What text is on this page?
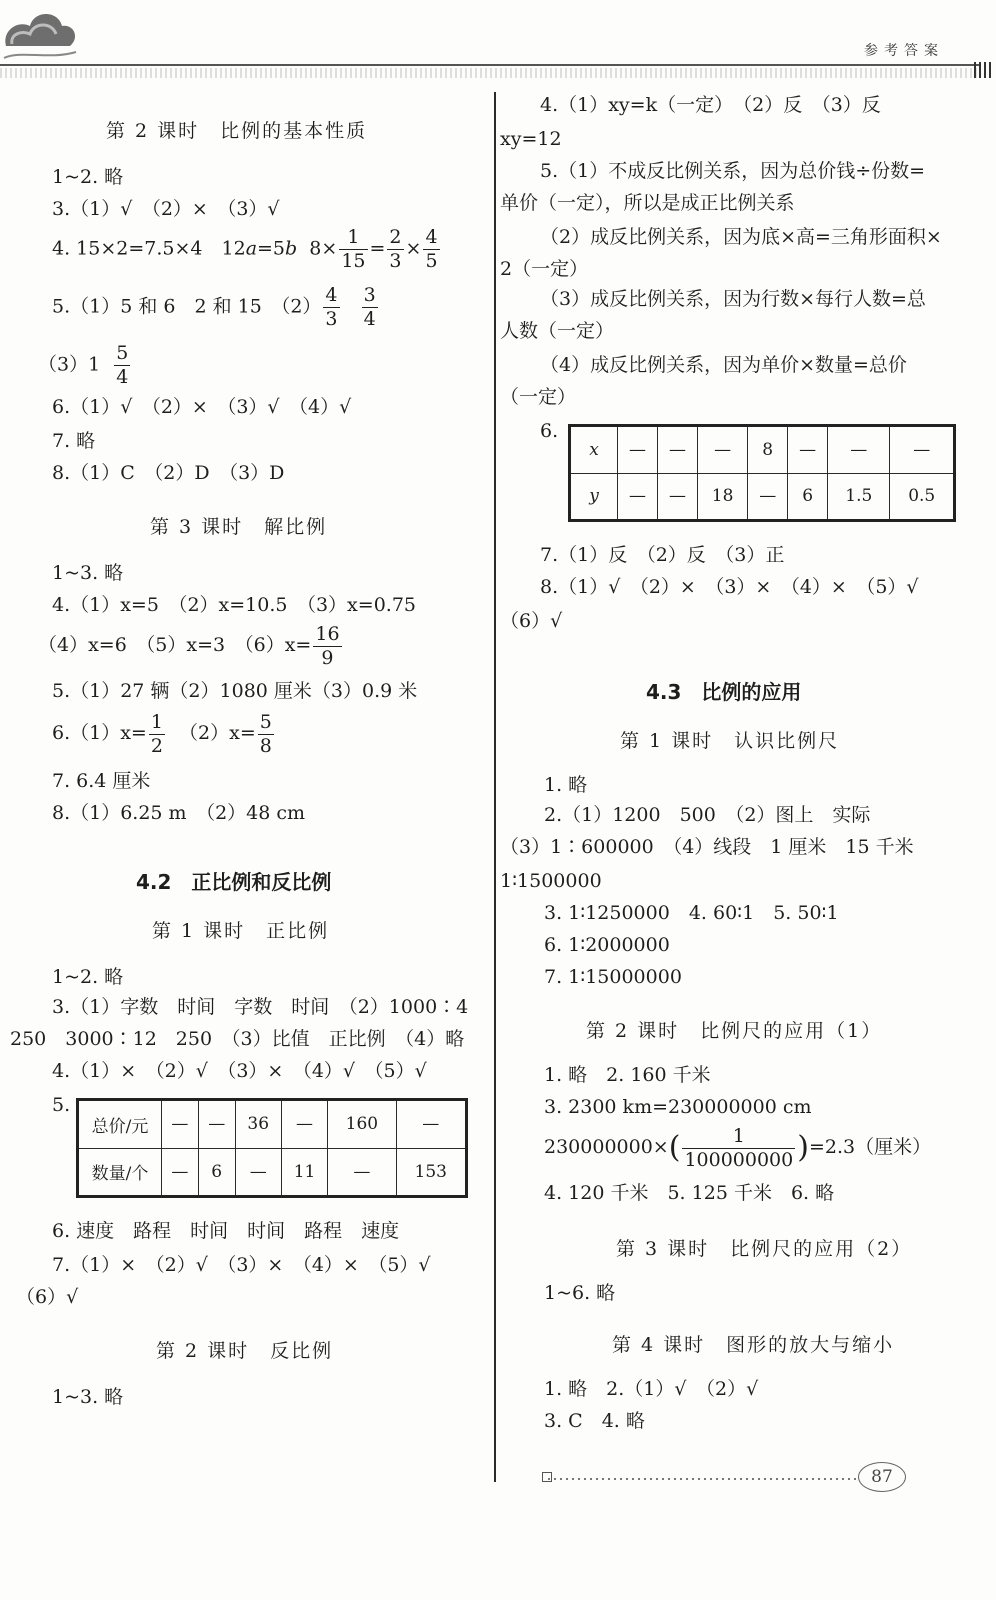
参考答案
第 2 课时　比例的基本性质
1~2. 略
3.（1）√　（2）×　（3）√
4. 15×2=7.5×4　12a=5b $8\times \frac{1}{15} = \frac{2}{3} \times \frac{4}{5}$
5.（1）5 和 6　2 和 15　$(2) \frac{4}{3}$
$\frac{3}{4}$
$(3)1 \frac{5}{4}$
6.（1）√　（2）×　（3）√　（4）√
7. 略
8.（1）C　（2）D　（3）D
第 3 课时　解比例
1~3. 略
4.（1）x=5　（2）x=10.5　（3）x=0.75
（4）x=6　（5）x=3　$(6)x= \frac{16}{9}$
5.（1）27 辆（2）1080 厘米（3）0.9 米
$6.(1)x= \frac{1}{2} (2)x= \frac{5}{8}$
7. 6.4 厘米
8.（1）6.25 m　（2）48 cm
4.2　正比例和反比例
第 1 课时　正比例
1~2. 略
3.（1）字数　时间　字数　时间　（2）1000∶4
250　3000∶12　250　（3）比值　正比例　（4）略
4.（1）×　（2）√　（3）×　（4）√　（5）√
5.
总价/元	—	—	36	—	160	—
数量/个	—	6	—	11	—	153
6. 速度　路程　时间　时间　路程　速度
7.（1）×　（2）√　（3）×　（4）×　（5）√
（6）√
第 2 课时　反比例
1~3. 略
4.（1）xy=k（一定）　（2）反　（3）反
xy=12
5.（1）不成反比例关系，因为总价钱÷份数=
单价（一定），所以是成正比例关系
（2）成反比例关系，因为底×高=三角形面积×
2（一定）
（3）成反比例关系，因为行数×每行人数=总
人数（一定）
（4）成反比例关系，因为单价×数量=总价
（一定）
6.
x	—	—	—	8	—	—	—
y	—	—	18	—	6	1.5	0.5
7.（1）反　（2）反　（3）正
8.（1）√　（2）×　（3）×　（4）×　（5）√
（6）√
4.3　比例的应用
第 1 课时　认识比例尺
1. 略
2.（1）1200　500　（2）图上　实际
（3）1∶600000　（4）线段　1 厘米　15 千米
1∶1500000
3. 1∶1250000　4. 60∶1　5. 50∶1
6. 1∶2000000
7. 1∶15000000
第 2 课时　比例尺的应用（1）
1. 略　2. 160 千米
3. 2300 km=230000000 cm
$230000000\times( \frac{1}{100000000} )=2.3$（厘米）
4. 120 千米　5. 125 千米　6. 略
第 3 课时　比例尺的应用（2）
1~6. 略
第 4 课时　图形的放大与缩小
1. 略　2.（1）√　（2）√
3. C　4. 略
87
